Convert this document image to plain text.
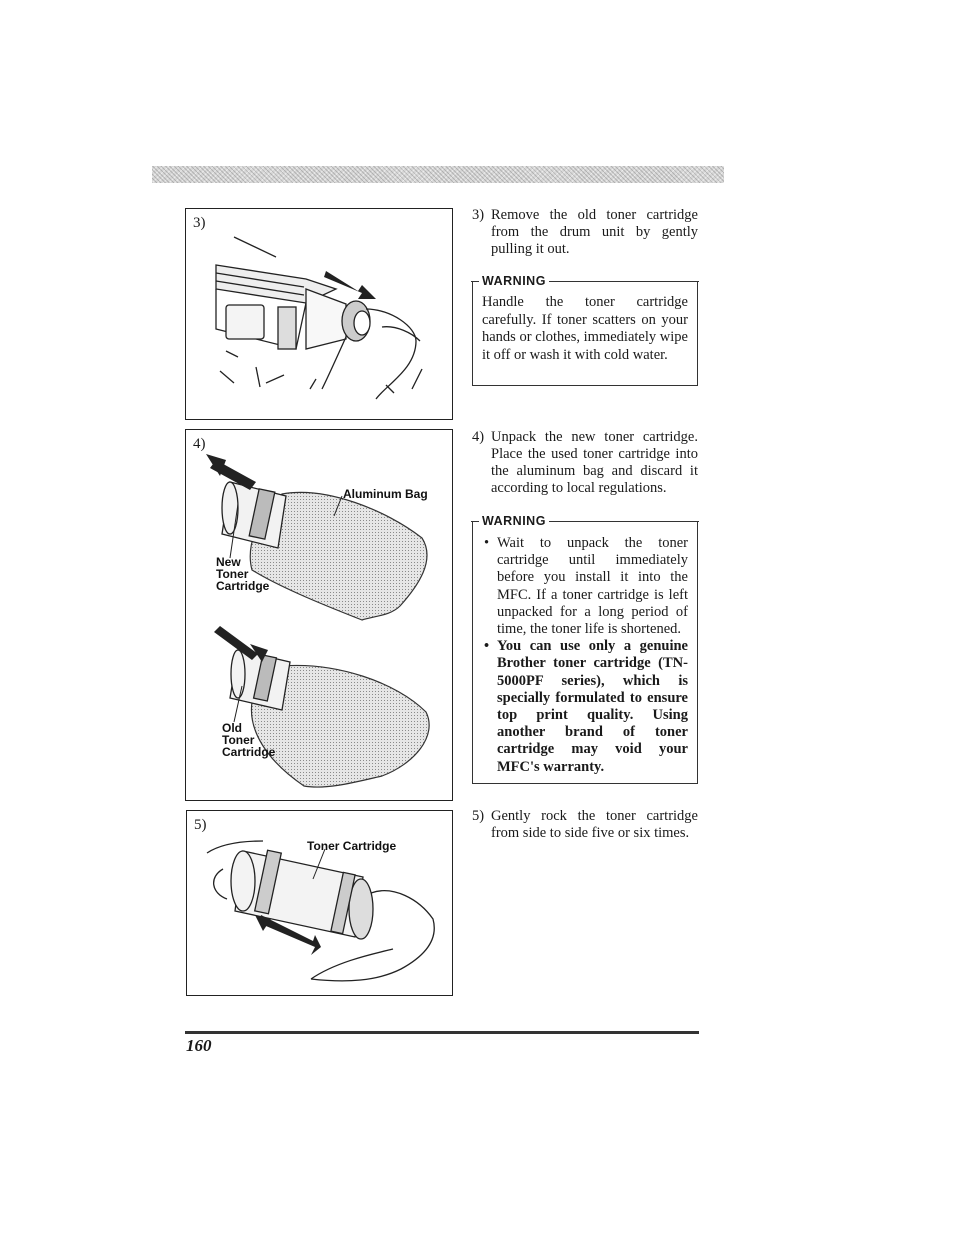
3)
4)
Aluminum Bag
New
Toner
Cartridge
Old
Toner
Cartridge
5)
Toner Cartridge
3) Remove the old toner cartridge from the drum unit by gently pulling it out.
WARNING
Handle the toner cartridge carefully. If toner scatters on your hands or clothes, immediately wipe it off or wash it with cold water.
4) Unpack the new toner cartridge. Place the used toner cartridge into the aluminum bag and discard it according to local regulations.
WARNING
• Wait to unpack the toner cartridge until immediately before you install it into the MFC. If a toner cartridge is left unpacked for a long period of time, the toner life is shortened.
• You can use only a genuine Brother toner cartridge (TN-5000PF series), which is specially formulated to ensure top print quality. Using another brand of toner cartridge may void your MFC's warranty.
5) Gently rock the toner cartridge from side to side five or six times.
160
